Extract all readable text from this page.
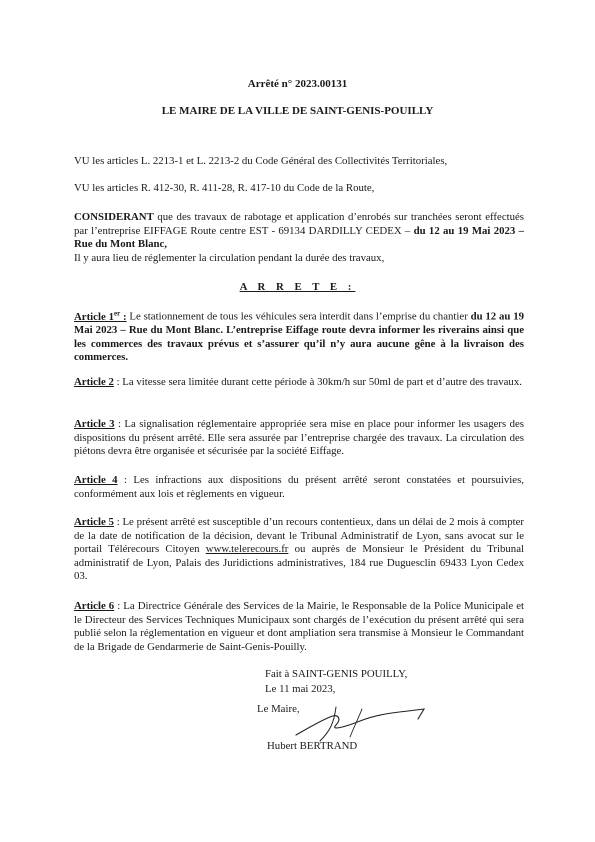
Arrêté n° 2023.00131
LE MAIRE DE LA VILLE DE SAINT-GENIS-POUILLY
VU les articles L. 2213-1 et L. 2213-2 du Code Général des Collectivités Territoriales,
VU les articles R. 412-30, R. 411-28, R. 417-10 du Code de la Route,
CONSIDERANT que des travaux de rabotage et application d’enrobés sur tranchées seront effectués par l’entreprise EIFFAGE Route centre EST - 69134 DARDILLY CEDEX – du 12 au 19 Mai 2023 – Rue du Mont Blanc,
Il y aura lieu de réglementer la circulation pendant la durée des travaux,
A R R E T E :
Article 1er : Le stationnement de tous les véhicules sera interdit dans l’emprise du chantier du 12 au 19 Mai 2023 – Rue du Mont Blanc. L’entreprise Eiffage route devra informer les riverains ainsi que les commerces des travaux prévus et s’assurer qu’il n’y aura aucune gêne à la livraison des commerces.
Article 2 : La vitesse sera limitée durant cette période à 30km/h sur 50ml de part et d’autre des travaux.
Article 3 : La signalisation réglementaire appropriée sera mise en place pour informer les usagers des dispositions du présent arrêté. Elle sera assurée par l’entreprise chargée des travaux. La circulation des piétons devra être organisée et sécurisée par la société Eiffage.
Article 4 : Les infractions aux dispositions du présent arrêté seront constatées et poursuivies, conformément aux lois et règlements en vigueur.
Article 5 : Le présent arrêté est susceptible d’un recours contentieux, dans un délai de 2 mois à compter de la date de notification de la décision, devant le Tribunal Administratif de Lyon, sans avocat sur le portail Télérecours Citoyen www.telerecours.fr ou auprès de Monsieur le Président du Tribunal administratif de Lyon, Palais des Juridictions administratives, 184 rue Duguesclin 69433 Lyon Cedex 03.
Article 6 : La Directrice Générale des Services de la Mairie, le Responsable de la Police Municipale et le Directeur des Services Techniques Municipaux sont chargés de l’exécution du présent arrêté qui sera publié selon la réglementation en vigueur et dont ampliation sera transmise à Monsieur le Commandant de la Brigade de Gendarmerie de Saint-Genis-Pouilly.
Fait à SAINT-GENIS POUILLY,
Le 11 mai 2023,
Le Maire,
Hubert BERTRAND
